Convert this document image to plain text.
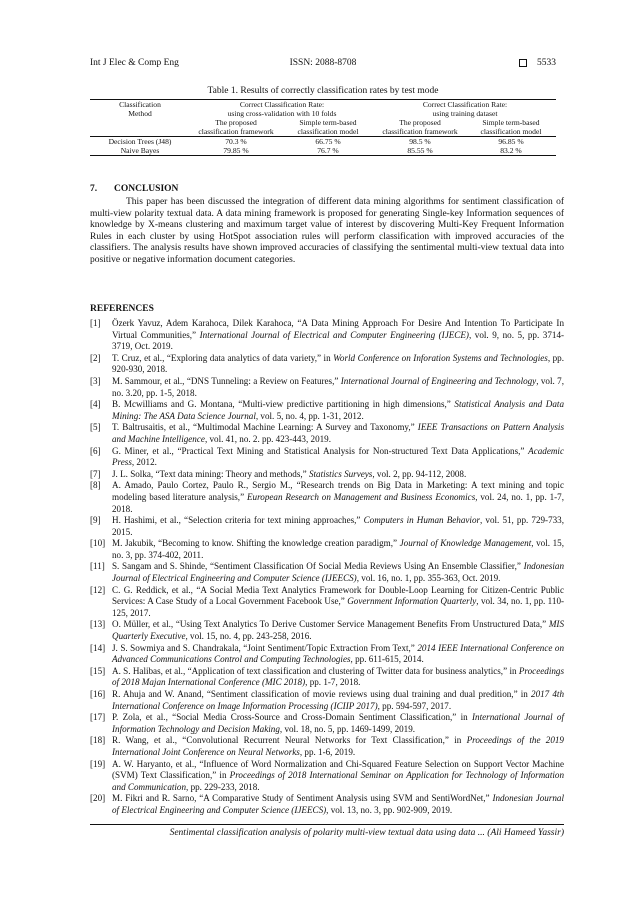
Int J Elec & Comp Eng	ISSN: 2088-8708	5533
Table 1. Results of correctly classification rates by test mode
Classification	Correct Classification Rate:		Correct Classification Rate:	
Method	using cross-validation with 10 folds		using training dataset	
	The proposed	Simple term-based	The proposed	Simple term-based
	classification framework	classification model	classification framework	classification model
Decision Trees (J48)	70.3 %	66.75 %	98.5 %	96.85 %
Naive Bayes	79.85 %	76.7 %	85.55 %	83.2 %
7. CONCLUSION

This paper has been discussed the integration of different data mining algorithms for sentiment classification of multi-view polarity textual data. A data mining framework is proposed for generating Single-key Information sequences of knowledge by X-means clustering and maximum target value of interest by discovering Multi-Key Frequent Information Rules in each cluster by using HotSpot association rules will perform classification with improved accuracies of the classifiers. The analysis results have shown improved accuracies of classifying the sentimental multi-view textual data into positive or negative information document categories.

REFERENCES
[1]	Özerk Yavuz, Adem Karahoca, Dilek Karahoca, “A Data Mining Approach For Desire And Intention To Participate In Virtual Communities,” International Journal of Electrical and Computer Engineering (IJECE), vol. 9, no. 5, pp. 3714-3719, Oct. 2019.
[2]	T. Cruz, et al., “Exploring data analytics of data variety,” in World Conference on Inforation Systems and Technologies, pp. 920-930, 2018.
[3]	M. Sammour, et al., “DNS Tunneling: a Review on Features,” International Journal of Engineering and Technology, vol. 7, no. 3.20, pp. 1-5, 2018.
[4]	B. Mcwilliams and G. Montana, “Multi-view predictive partitioning in high dimensions,” Statistical Analysis and Data Mining: The ASA Data Science Journal, vol. 5, no. 4, pp. 1-31, 2012.
[5]	T. Baltrusaitis, et al., “Multimodal Machine Learning: A Survey and Taxonomy,” IEEE Transactions on Pattern Analysis and Machine Intelligence, vol. 41, no. 2. pp. 423-443, 2019.
[6]	G. Miner, et al., “Practical Text Mining and Statistical Analysis for Non-structured Text Data Applications,” Academic Press, 2012.
[7]	J. L. Solka, “Text data mining: Theory and methods,” Statistics Surveys, vol. 2, pp. 94-112, 2008.
[8]	A. Amado, Paulo Cortez, Paulo R., Sergio M., “Research trends on Big Data in Marketing: A text mining and topic modeling based literature analysis,” European Research on Management and Business Economics, vol. 24, no. 1, pp. 1-7, 2018.
[9]	H. Hashimi, et al., “Selection criteria for text mining approaches,” Computers in Human Behavior, vol. 51, pp. 729-733, 2015.
[10] M. Jakubik, “Becoming to know. Shifting the knowledge creation paradigm,” Journal of Knowledge Management, vol. 15, no. 3, pp. 374-402, 2011.
[11] S. Sangam and S. Shinde, “Sentiment Classification Of Social Media Reviews Using An Ensemble Classifier,” Indonesian Journal of Electrical Engineering and Computer Science (IJEECS), vol. 16, no. 1, pp. 355-363, Oct. 2019.
[12] C. G. Reddick, et al., “A Social Media Text Analytics Framework for Double-Loop Learning for Citizen-Centric Public Services: A Case Study of a Local Government Facebook Use,” Government Information Quarterly, vol. 34, no. 1, pp. 110-125, 2017.
[13] O. Müller, et al., “Using Text Analytics To Derive Customer Service Management Benefits From Unstructured Data,” MIS Quarterly Executive, vol. 15, no. 4, pp. 243-258, 2016.
[14] J. S. Sowmiya and S. Chandrakala, “Joint Sentiment/Topic Extraction From Text,” 2014 IEEE International Conference on Advanced Communications Control and Computing Technologies, pp. 611-615, 2014.
[15] A. S. Halibas, et al., “Application of text classification and clustering of Twitter data for business analytics,” in Proceedings of 2018 Majan International Conference (MIC 2018), pp. 1-7, 2018.
[16] R. Ahuja and W. Anand, “Sentiment classification of movie reviews using dual training and dual predition,” in 2017 4th International Conference on Image Information Processing (ICIIP 2017), pp. 594-597, 2017.
[17] P. Zola, et al., “Social Media Cross-Source and Cross-Domain Sentiment Classification,” in International Journal of Information Technology and Decision Making, vol. 18, no. 5, pp. 1469-1499, 2019.
[18] R. Wang, et al., “Convolutional Recurrent Neural Networks for Text Classification,” in Proceedings of the 2019 International Joint Conference on Neural Networks, pp. 1-6, 2019.
[19] A. W. Haryanto, et al., “Influence of Word Normalization and Chi-Squared Feature Selection on Support Vector Machine (SVM) Text Classification,” in Proceedings of 2018 International Seminar on Application for Technology of Information and Communication, pp. 229-233, 2018.
[20] M. Fikri and R. Sarno, “A Comparative Study of Sentiment Analysis using SVM and SentiWordNet,” Indonesian Journal of Electrical Engineering and Computer Science (IJEECS), vol. 13, no. 3, pp. 902-909, 2019.
Sentimental classification analysis of polarity multi-view textual data using data ... (Ali Hameed Yassir)
